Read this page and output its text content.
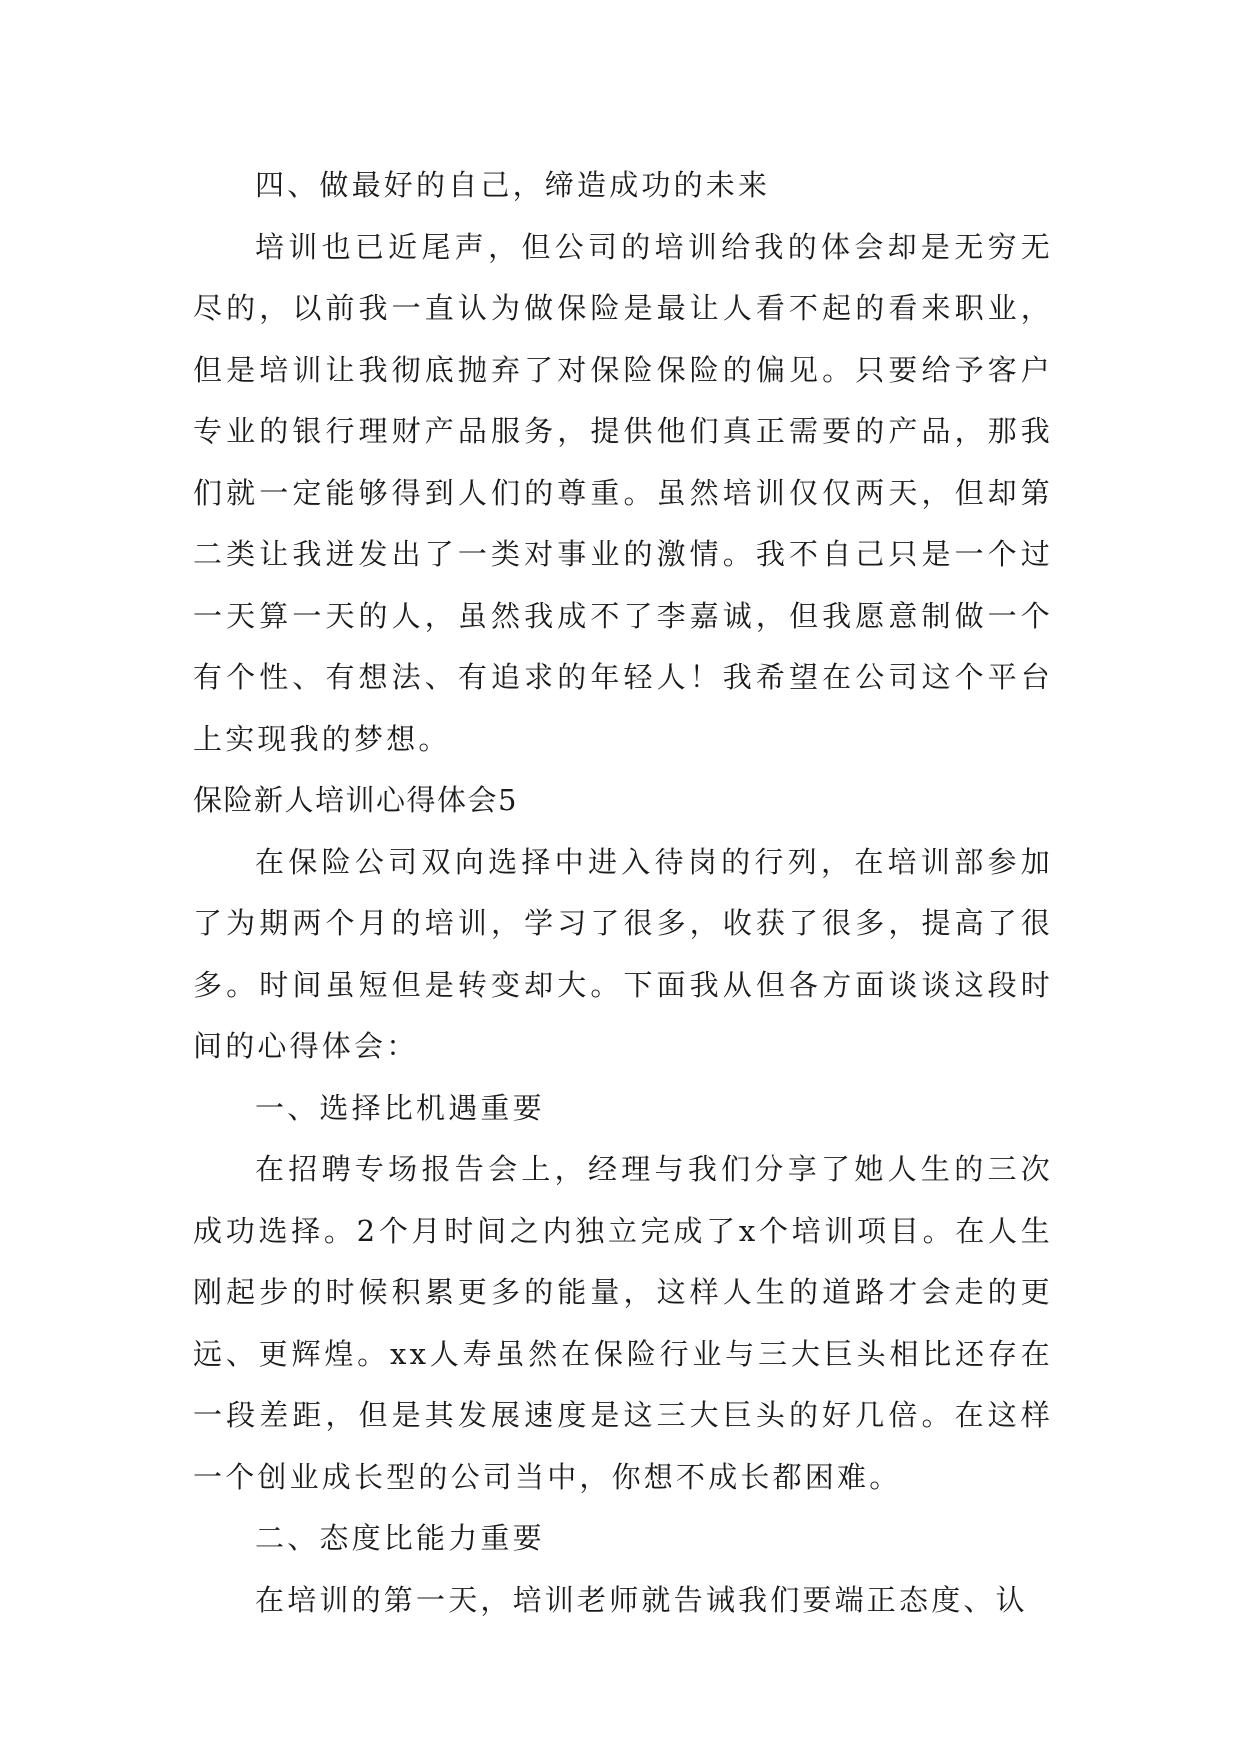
四、做最好的自己，缔造成功的未来

培训也已近尾声，但公司的培训给我的体会却是无穷无尽的，以前我一直认为做保险是最让人看不起的看来职业，但是培训让我彻底抛弃了对保险保险的偏见。只要给予客户专业的银行理财产品服务，提供他们真正需要的产品，那我们就一定能够得到人们的尊重。虽然培训仅仅两天，但却第二类让我迸发出了一类对事业的激情。我不自己只是一个过一天算一天的人，虽然我成不了李嘉诚，但我愿意制做一个有个性、有想法、有追求的年轻人！我希望在公司这个平台上实现我的梦想。

保险新人培训心得体会5

在保险公司双向选择中进入待岗的行列，在培训部参加了为期两个月的培训，学习了很多，收获了很多，提高了很多。时间虽短但是转变却大。下面我从但各方面谈谈这段时间的心得体会：

一、选择比机遇重要

在招聘专场报告会上，经理与我们分享了她人生的三次成功选择。2个月时间之内独立完成了x个培训项目。在人生刚起步的时候积累更多的能量，这样人生的道路才会走的更远、更辉煌。xx人寿虽然在保险行业与三大巨头相比还存在一段差距，但是其发展速度是这三大巨头的好几倍。在这样一个创业成长型的公司当中，你想不成长都困难。

二、态度比能力重要

在培训的第一天，培训老师就告诫我们要端正态度、认
